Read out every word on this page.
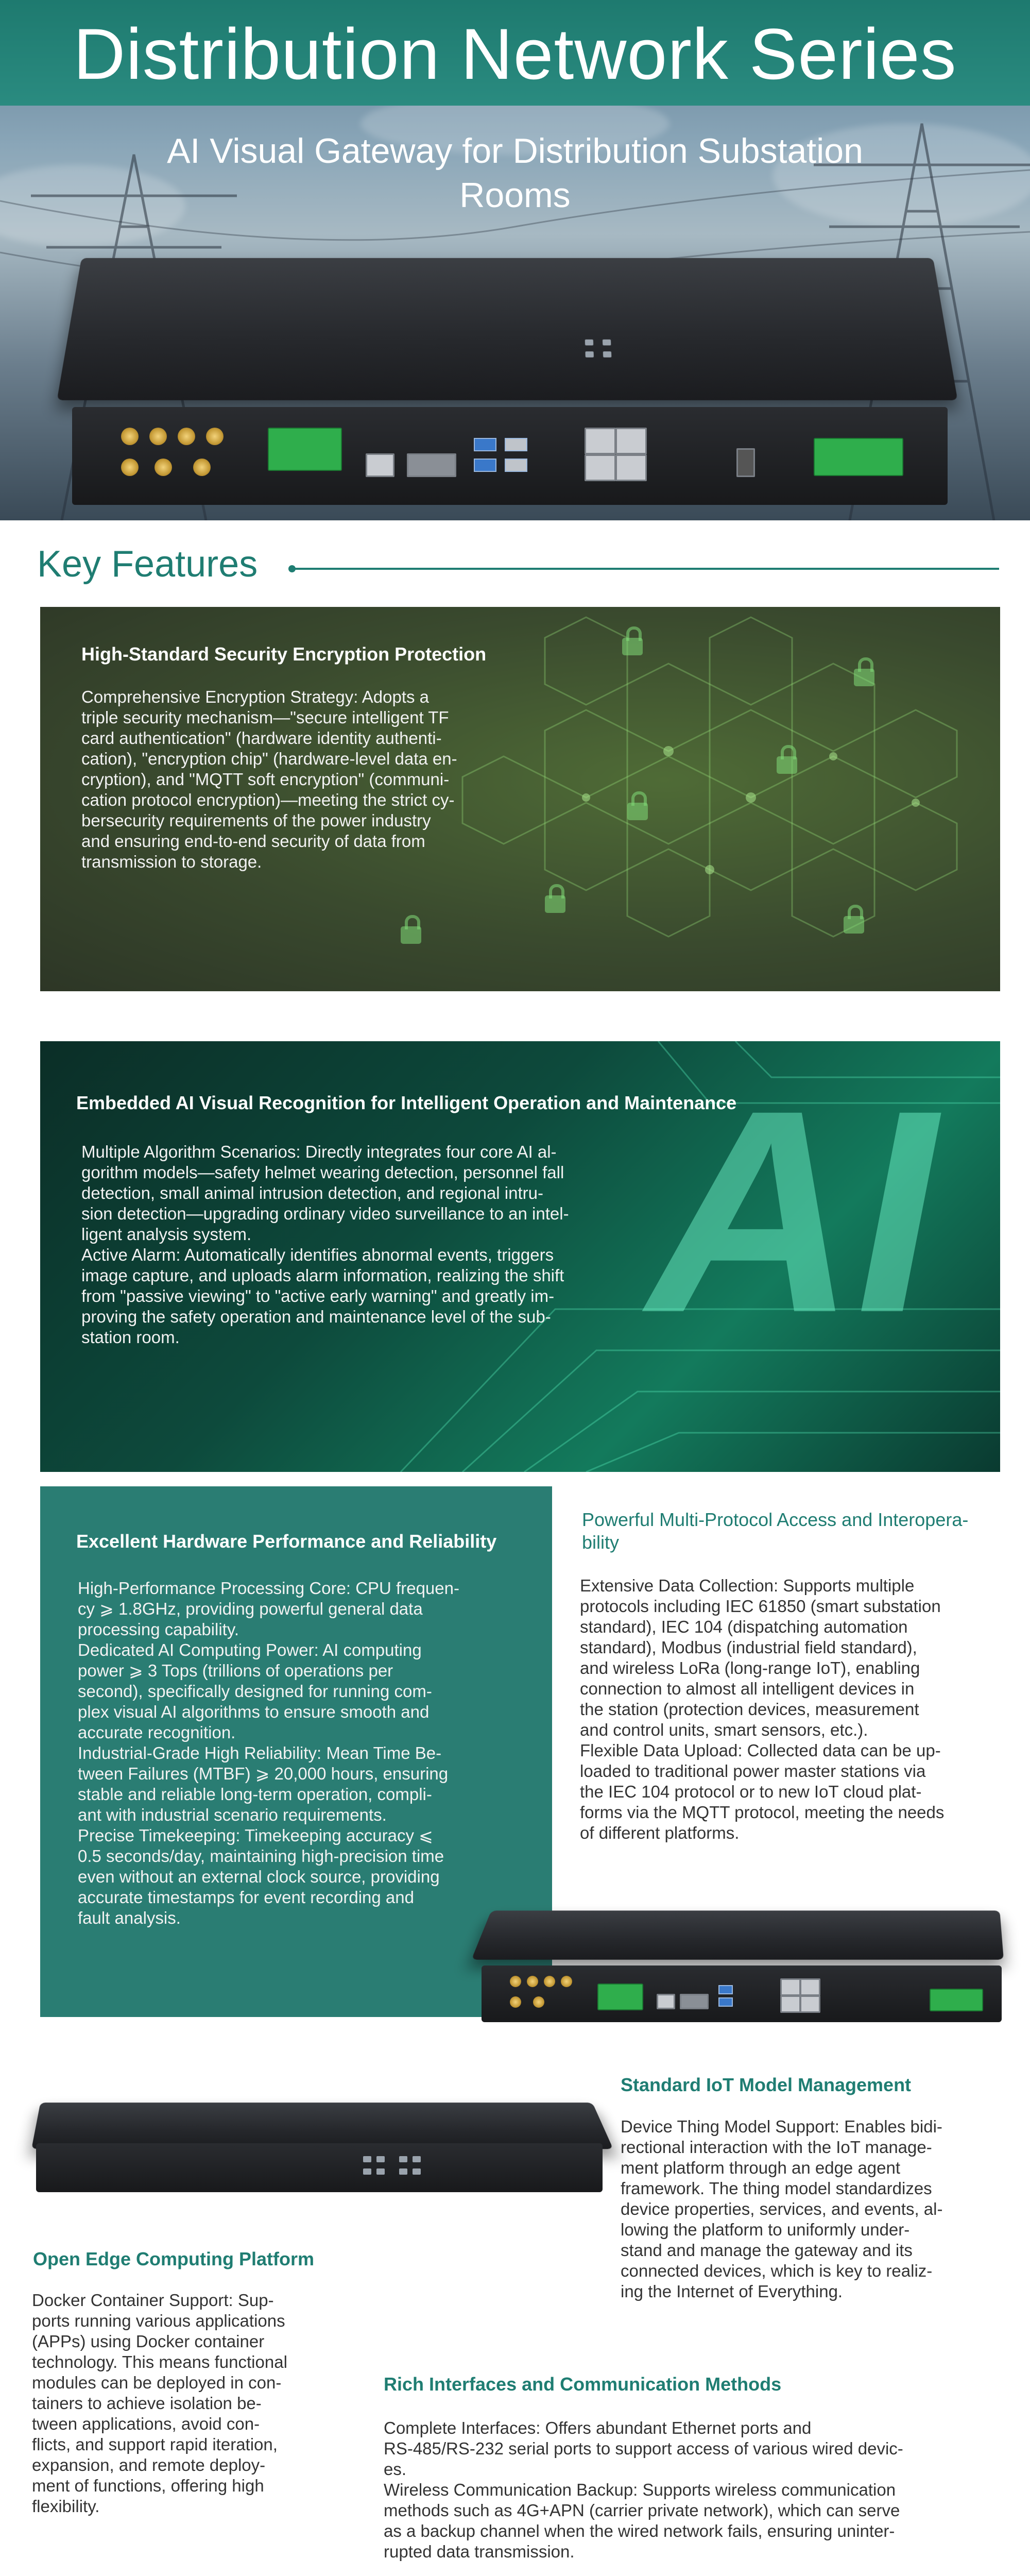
Distribution Network Series
AI Visual Gateway for Distribution Substation Rooms
Key Features
High-Standard Security Encryption Protection

Comprehensive Encryption Strategy: Adopts a
triple security mechanism—"secure intelligent TF
card authentication" (hardware identity authenti-
cation), "encryption chip" (hardware-level data en-
cryption), and "MQTT soft encryption" (communi-
cation protocol encryption)—meeting the strict cy-
bersecurity requirements of the power industry
and ensuring end-to-end security of data from
transmission to storage.

AI
Embedded AI Visual Recognition for Intelligent Operation and Maintenance

Multiple Algorithm Scenarios: Directly integrates four core AI al-
gorithm models—safety helmet wearing detection, personnel fall
detection, small animal intrusion detection, and regional intru-
sion detection—upgrading ordinary video surveillance to an intel-
ligent analysis system.
Active Alarm: Automatically identifies abnormal events, triggers
image capture, and uploads alarm information, realizing the shift
from "passive viewing" to "active early warning" and greatly im-
proving the safety operation and maintenance level of the sub-
station room.

Excellent Hardware Performance and Reliability

High-Performance Processing Core: CPU frequen-
cy ⩾ 1.8GHz, providing powerful general data
processing capability.
Dedicated AI Computing Power: AI computing
power ⩾ 3 Tops (trillions of operations per
second), specifically designed for running com-
plex visual AI algorithms to ensure smooth and
accurate recognition.
Industrial-Grade High Reliability: Mean Time Be-
tween Failures (MTBF) ⩾ 20,000 hours, ensuring
stable and reliable long-term operation, compli-
ant with industrial scenario requirements.
Precise Timekeeping: Timekeeping accuracy ⩽
0.5 seconds/day, maintaining high-precision time
even without an external clock source, providing
accurate timestamps for event recording and
fault analysis.

Powerful Multi-Protocol Access and Interopera-
bility

Extensive Data Collection: Supports multiple
protocols including IEC 61850 (smart substation
standard), IEC 104 (dispatching automation
standard), Modbus (industrial field standard),
and wireless LoRa (long-range IoT), enabling
connection to almost all intelligent devices in
the station (protection devices, measurement
and control units, smart sensors, etc.).
Flexible Data Upload: Collected data can be up-
loaded to traditional power master stations via
the IEC 104 protocol or to new IoT cloud plat-
forms via the MQTT protocol, meeting the needs
of different platforms.

Standard IoT Model Management

Device Thing Model Support: Enables bidi-
rectional interaction with the IoT manage-
ment platform through an edge agent
framework. The thing model standardizes
device properties, services, and events, al-
lowing the platform to uniformly under-
stand and manage the gateway and its
connected devices, which is key to realiz-
ing the Internet of Everything.

Open Edge Computing Platform

Docker Container Support: Sup-
ports running various applications
(APPs) using Docker container
technology. This means functional
modules can be deployed in con-
tainers to achieve isolation be-
tween applications, avoid con-
flicts, and support rapid iteration,
expansion, and remote deploy-
ment of functions, offering high
flexibility.

Rich Interfaces and Communication Methods

Complete Interfaces: Offers abundant Ethernet ports and
RS-485/RS-232 serial ports to support access of various wired devic-
es.
Wireless Communication Backup: Supports wireless communication
methods such as 4G+APN (carrier private network), which can serve
as a backup channel when the wired network fails, ensuring uninter-
rupted data transmission.
